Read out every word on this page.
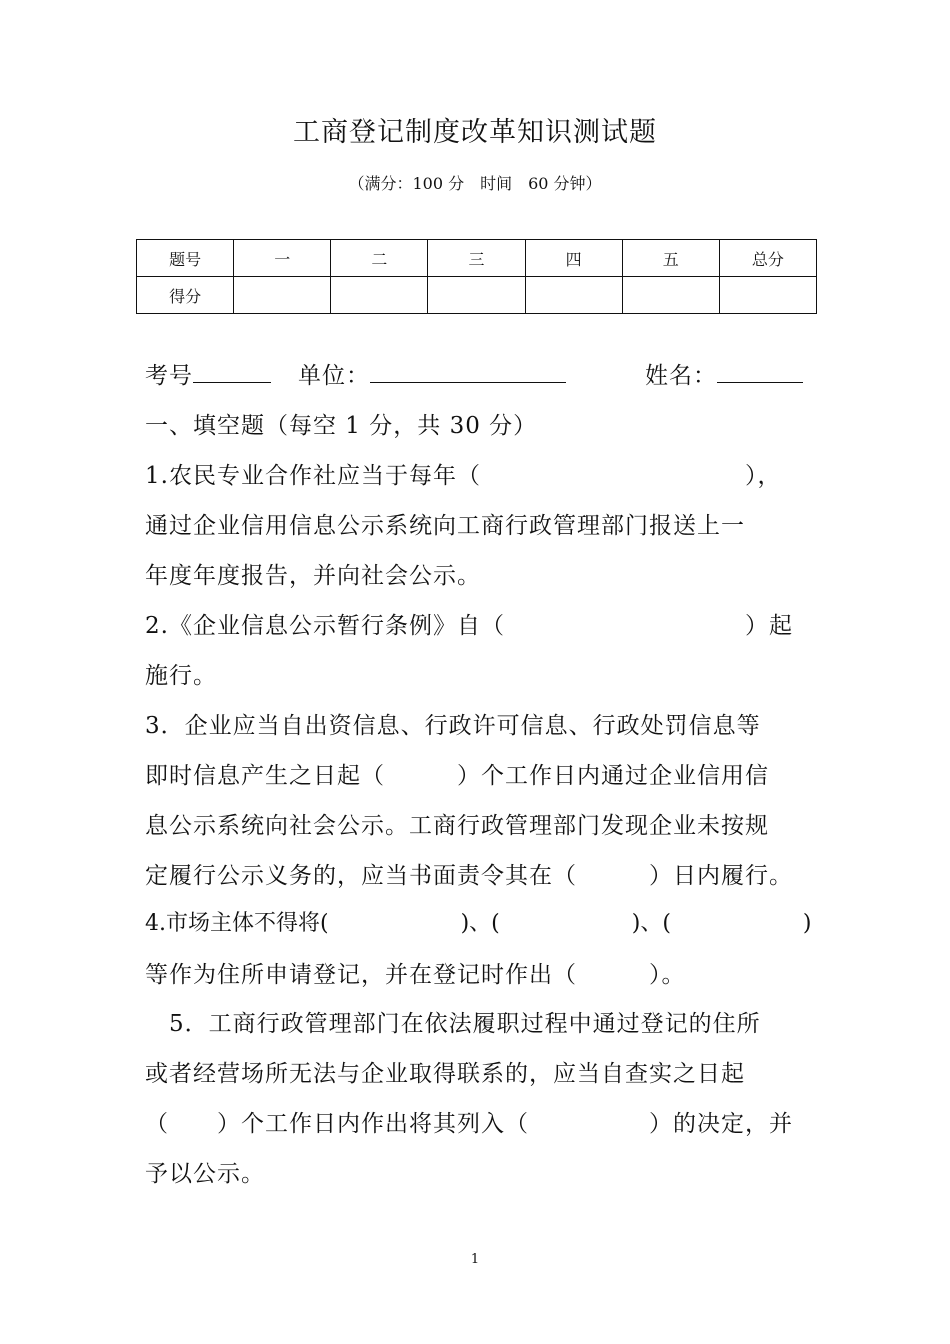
工商登记制度改革知识测试题
（满分：100 分　时间　60 分钟）
题号	一	二	三	四	五	总分
得分						
考号	单位：	姓名：
一、填空题（每空 1 分，共 30 分）
1.农民专业合作社应当于每年（　　　　　　　　　　　），
通过企业信用信息公示系统向工商行政管理部门报送上一
年度年度报告，并向社会公示。
2.《企业信息公示暂行条例》自（　　　　　　　　　　）起
施行。
3．企业应当自出资信息、行政许可信息、行政处罚信息等
即时信息产生之日起（　　　）个工作日内通过企业信用信
息公示系统向社会公示。工商行政管理部门发现企业未按规
定履行公示义务的，应当书面责令其在（　　　）日内履行。
4.市场主体不得将(　　　　　　)、(　　　　　　)、(　　　　　　)
等作为住所申请登记，并在登记时作出（　　　）。
　5．工商行政管理部门在依法履职过程中通过登记的住所
或者经营场所无法与企业取得联系的，应当自查实之日起
（　　）个工作日内作出将其列入（　　　　　）的决定，并
予以公示。
1
